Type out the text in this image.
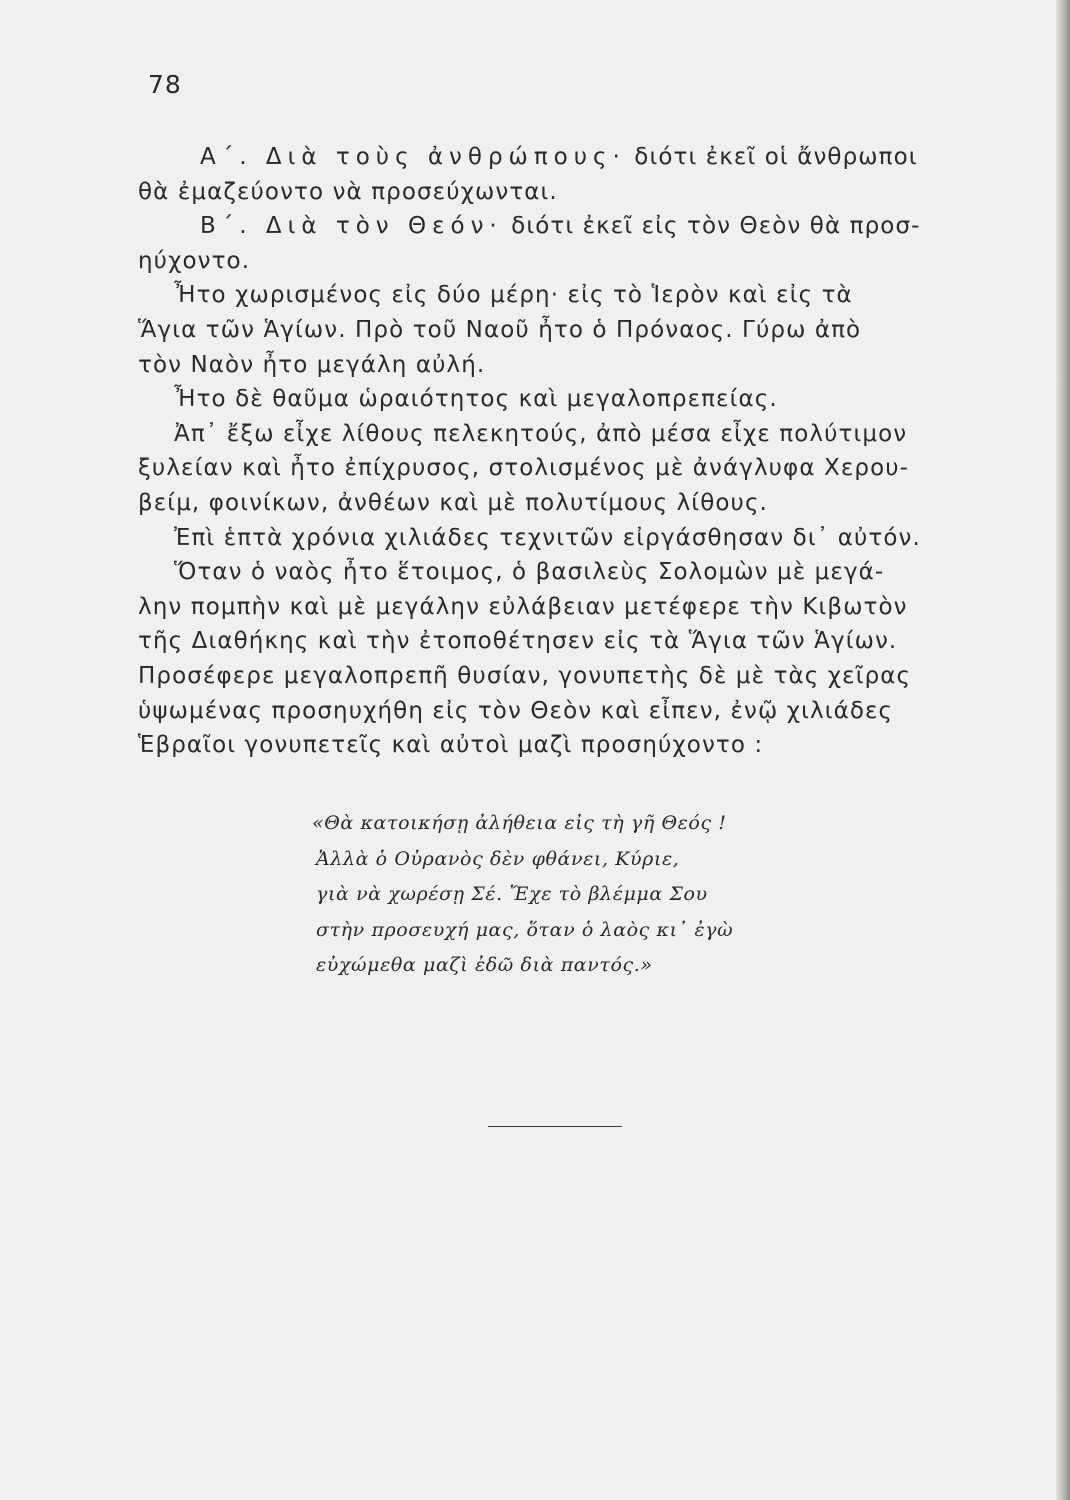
78
Α΄. Διὰ τοὺς ἀνθρώπους· διότι ἐκεῖ οἱ ἄνθρωποι
θὰ ἐμαζεύοντο νὰ προσεύχωνται.
Β΄. Διὰ τὸν Θεόν· διότι ἐκεῖ εἰς τὸν Θεὸν θὰ προσ-
ηύχοντο.
Ἦτο χωρισμένος εἰς δύο μέρη· εἰς τὸ Ἱερὸν καὶ εἰς τὰ
Ἅγια τῶν Ἁγίων. Πρὸ τοῦ Ναοῦ ἦτο ὁ Πρόναος. Γύρω ἀπὸ
τὸν Ναὸν ἦτο μεγάλη αὐλή.
Ἦτο δὲ θαῦμα ὡραιότητος καὶ μεγαλοπρεπείας.
Ἀπ᾿ ἔξω εἶχε λίθους πελεκητούς, ἀπὸ μέσα εἶχε πολύτιμον
ξυλείαν καὶ ἦτο ἐπίχρυσος, στολισμένος μὲ ἀνάγλυφα Χερου-
βείμ, φοινίκων, ἀνθέων καὶ μὲ πολυτίμους λίθους.
Ἐπὶ ἑπτὰ χρόνια χιλιάδες τεχνιτῶν εἰργάσθησαν δι᾿ αὐτόν.
Ὅταν ὁ ναὸς ἦτο ἕτοιμος, ὁ βασιλεὺς Σολομὼν μὲ μεγά-
λην πομπὴν καὶ μὲ μεγάλην εὐλάβειαν μετέφερε τὴν Κιβωτὸν
τῆς Διαθήκης καὶ τὴν ἐτοποθέτησεν εἰς τὰ Ἅγια τῶν Ἁγίων.
Προσέφερε μεγαλοπρεπῆ θυσίαν, γονυπετὴς δὲ μὲ τὰς χεῖρας
ὑψωμένας προσηυχήθη εἰς τὸν Θεὸν καὶ εἶπεν, ἐνῷ χιλιάδες
Ἑβραῖοι γονυπετεῖς καὶ αὐτοὶ μαζὶ προσηύχοντο :
«Θὰ κατοικήσῃ ἀλήθεια εἰς τὴ γῆ Θεός !
Ἀλλὰ ὁ Οὐρανὸς δὲν φθάνει, Κύριε,
γιὰ νὰ χωρέσῃ Σέ. Ἔχε τὸ βλέμμα Σου
στὴν προσευχή μας, ὅταν ὁ λαὸς κι᾿ ἐγὼ
εὐχώμεθα μαζὶ ἐδῶ διὰ παντός.»
